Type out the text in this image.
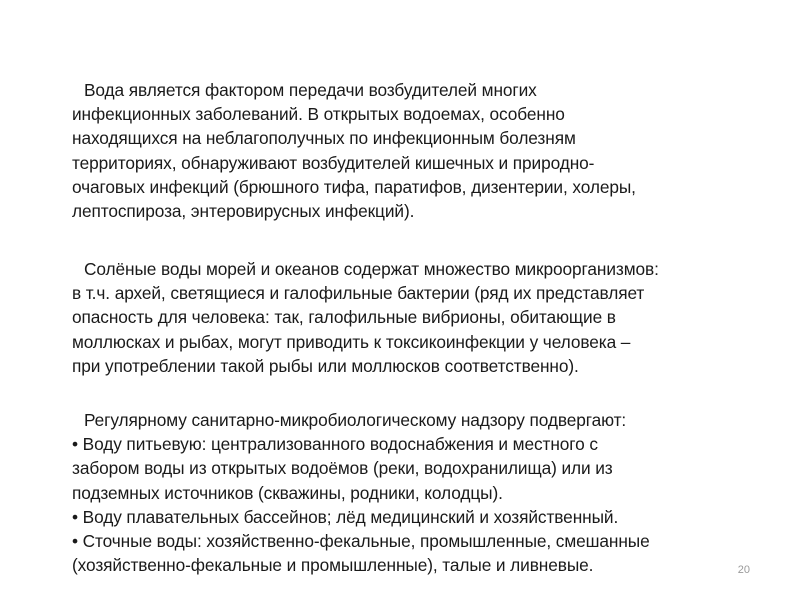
Вода является фактором передачи возбудителей многих

инфекционных заболеваний. В открытых водоемах, особенно

находящихся на неблагополучных по инфекционным болезням

территориях, обнаруживают возбудителей кишечных и природно-

очаговых инфекций (брюшного тифа, паратифов, дизентерии, холеры,

лептоспироза, энтеровирусных инфекций).

Солёные воды морей и океанов содержат множество микроорганизмов:

в т.ч. архей, светящиеся и галофильные бактерии (ряд их представляет

опасность для человека: так, галофильные вибрионы, обитающие в

моллюсках и рыбах, могут приводить к токсикоинфекции у человека –

при употреблении такой рыбы или моллюсков соответственно).

Регулярному санитарно-микробиологическому надзору подвергают:

• Воду питьевую: централизованного водоснабжения и местного с

забором воды из открытых водоёмов (реки, водохранилища) или из

подземных источников (скважины, родники, колодцы).

• Воду плавательных бассейнов; лёд медицинский и хозяйственный.

• Сточные воды: хозяйственно-фекальные, промышленные, смешанные

(хозяйственно-фекальные и промышленные), талые и ливневые.	20
